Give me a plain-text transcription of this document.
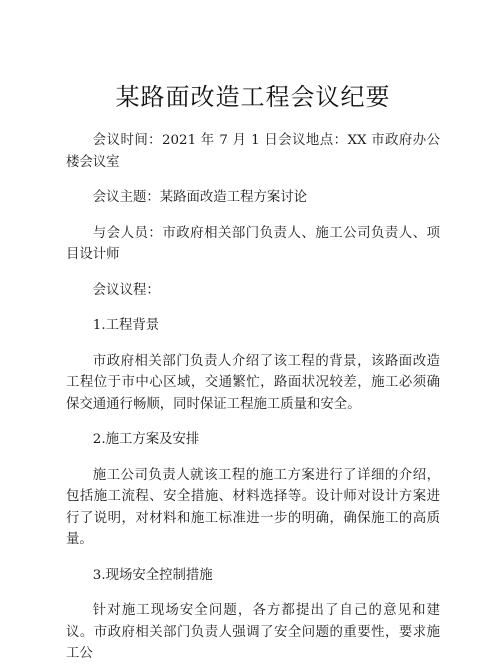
某路面改造工程会议纪要

会议时间：2021 年 7 月 1 日会议地点：XX 市政府办公楼会议室

会议主题：某路面改造工程方案讨论

与会人员：市政府相关部门负责人、施工公司负责人、项目设计师

会议议程：

1.工程背景

市政府相关部门负责人介绍了该工程的背景，该路面改造工程位于市中心区域，交通繁忙，路面状况较差，施工必须确保交通通行畅顺，同时保证工程施工质量和安全。

2.施工方案及安排

施工公司负责人就该工程的施工方案进行了详细的介绍，包括施工流程、安全措施、材料选择等。设计师对设计方案进行了说明，对材料和施工标准进一步的明确，确保施工的高质量。

3.现场安全控制措施

针对施工现场安全问题，各方都提出了自己的意见和建议。市政府相关部门负责人强调了安全问题的重要性，要求施工公
